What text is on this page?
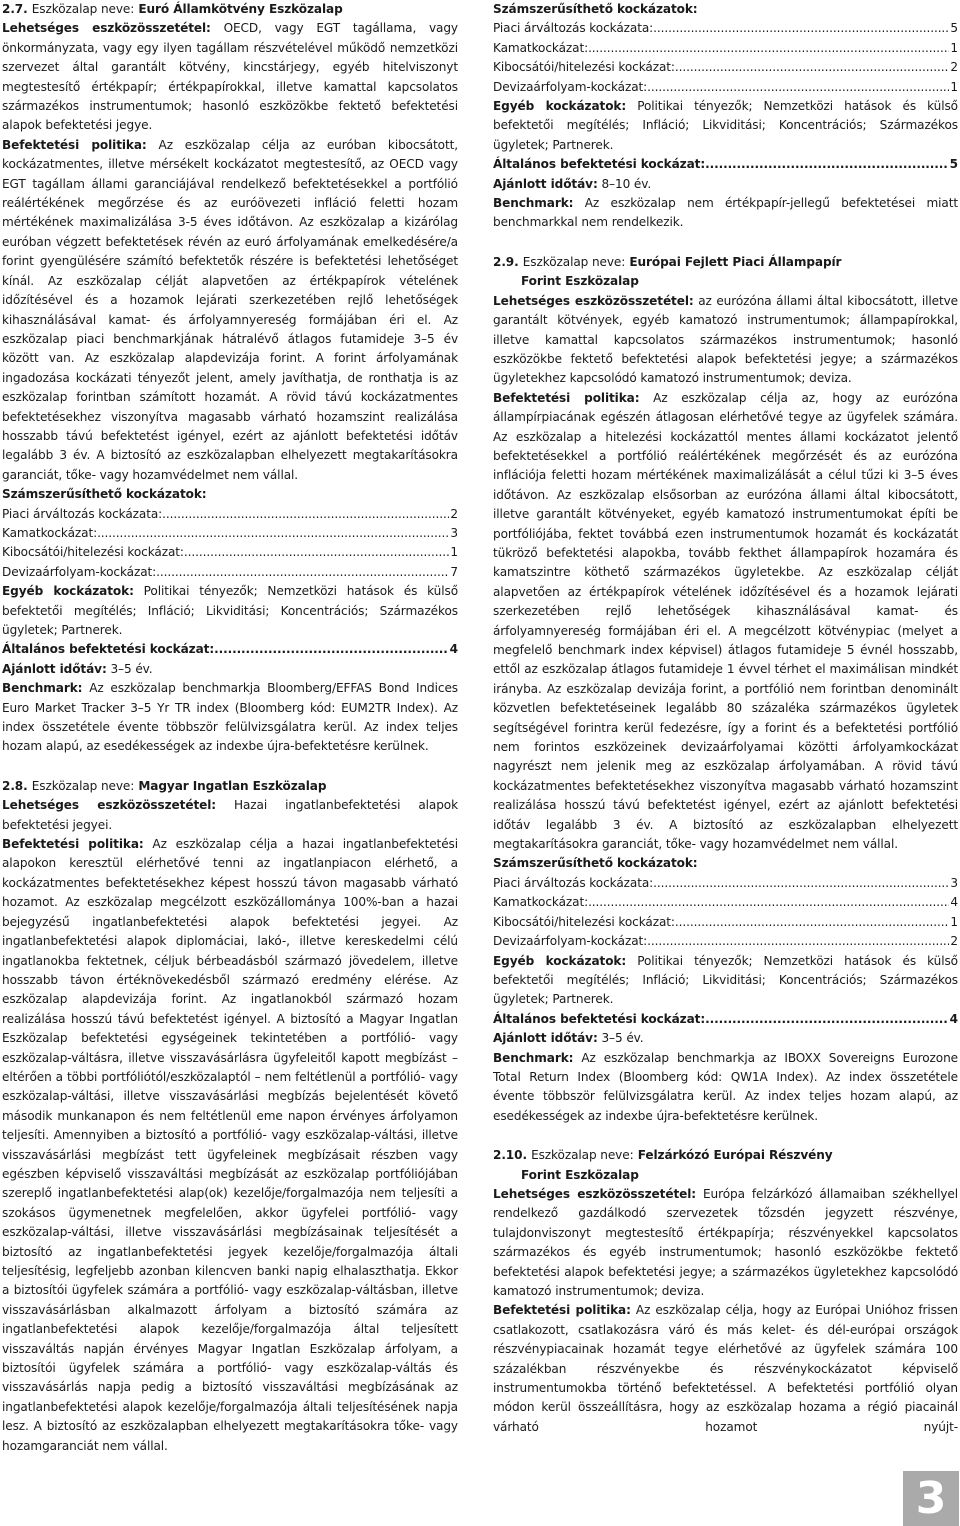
2.7. Eszközalap neve: Euró Államkötvény Eszközalap

Lehetséges eszközösszetétel: OECD, vagy EGT tagállama, vagy önkormányzata, vagy egy ilyen tagállam részvételével működő nemzetközi szervezet által garantált kötvény, kincstárjegy, egyéb hitelviszonyt megtestesítő értékpapír; értékpapírokkal, illetve kamattal kapcsolatos származékos instrumentumok; hasonló eszközökbe fektető befektetési alapok befektetési jegye.

Befektetési politika: Az eszközalap célja az euróban kibocsátott, kockázatmentes, illetve mérsékelt kockázatot megtestesítő, az OECD vagy EGT tagállam állami garanciájával rendelkező befektetésekkel a portfólió reálértékének megőrzése és az euróövezeti infláció feletti hozam mértékének maximalizálása 3-5 éves időtávon. Az eszközalap a kizárólag euróban végzett befektetések révén az euró árfolyamának emelkedésére/a forint gyengülésére számító befektetők részére is befektetési lehetőséget kínál. Az eszközalap célját alapvetően az értékpapírok vételének időzítésével és a hozamok lejárati szerkezetében rejlő lehetőségek kihasználásával kamat- és árfolyamnyereség formájában éri el. Az eszközalap piaci benchmarkjának hátralévő átlagos futamideje 3–5 év között van. Az eszközalap alapdevizája forint. A forint árfolyamának ingadozása kockázati tényezőt jelent, amely javíthatja, de ronthatja is az eszközalap forintban számított hozamát. A rövid távú kockázatmentes befektetésekhez viszonyítva magasabb várható hozamszint realizálása hosszabb távú befektetést igényel, ezért az ajánlott befektetési időtáv legalább 3 év. A biztosító az eszközalapban elhelyezett megtakarításokra garanciát, tőke- vagy hozamvédelmet nem vállal.

Számszerűsíthető kockázatok:

Piaci árváltozás kockázata: .....	2
Kamatkockázat: .....	3
Kibocsátói/hitelezési kockázat: .....	1
Devizaárfolyam-kockázat: .....	7

Egyéb kockázatok: Politikai tényezők; Nemzetközi hatások és külső befektetői megítélés; Infláció; Likviditási; Koncentrációs; Származékos ügyletek; Partnerek.

Általános befektetési kockázat: .....	4

Ajánlott időtáv: 3–5 év.

Benchmark: Az eszközalap benchmarkja Bloomberg/EFFAS Bond Indices Euro Market Tracker 3–5 Yr TR index (Bloomberg kód: EUM2TR Index). Az index összetétele évente többször felülvizsgálatra kerül. Az index teljes hozam alapú, az esedékességek az indexbe újra-befektetésre kerülnek.

2.8. Eszközalap neve: Magyar Ingatlan Eszközalap

Lehetséges eszközösszetétel: Hazai ingatlanbefektetési alapok befektetési jegyei.

Befektetési politika: Az eszközalap célja a hazai ingatlanbefektetési alapokon keresztül elérhetővé tenni az ingatlanpiacon elérhető, a kockázatmentes befektetésekhez képest hosszú távon magasabb várható hozamot. Az eszközalap megcélzott eszközállománya 100%-ban a hazai bejegyzésű ingatlanbefektetési alapok befektetési jegyei. Az ingatlanbefektetési alapok diplomáciai, lakó-, illetve kereskedelmi célú ingatlanokba fektetnek, céljuk bérbeadásból származó jövedelem, illetve hosszabb távon értéknövekedésből származó eredmény elérése. Az eszközalap alapdevizája forint. Az ingatlanokból származó hozam realizálása hosszú távú befektetést igényel. A biztosító a Magyar Ingatlan Eszközalap befektetési egységeinek tekintetében a portfólió- vagy eszközalap-váltásra, illetve visszavásárlásra ügyfeleitől kapott megbízást – eltérően a többi portfóliótól/eszközalaptól – nem feltétlenül a portfólió- vagy eszközalap-váltási, illetve visszavásárlási megbízás bejelentését követő második munkanapon és nem feltétlenül eme napon érvényes árfolyamon teljesíti. Amennyiben a biztosító a portfólió- vagy eszközalap-váltási, illetve visszavásárlási megbízást tett ügyfeleinek megbízásait részben vagy egészben képviselő visszaváltási megbízását az eszközalap portfóliójában szereplő ingatlanbefektetési alap(ok) kezelője/forgalmazója nem teljesíti a szokásos ügymenetnek megfelelően, akkor ügyfelei portfólió- vagy eszközalap-váltási, illetve visszavásárlási megbízásainak teljesítését a biztosító az ingatlanbefektetési jegyek kezelője/forgalmazója általi teljesítésig, legfeljebb azonban kilencven banki napig elhalaszthatja. Ekkor a biztosítói ügyfelek számára a portfólió- vagy eszközalap-váltásban, illetve visszavásárlásban alkalmazott árfolyam a biztosító számára az ingatlanbefektetési alapok kezelője/forgalmazója által teljesített visszaváltás napján érvényes Magyar Ingatlan Eszközalap árfolyam, a biztosítói ügyfelek számára a portfólió- vagy eszközalap-váltás és visszavásárlás napja pedig a biztosító visszaváltási megbízásának az ingatlanbefektetési alapok kezelője/forgalmazója általi teljesítésének napja lesz. A biztosító az eszközalapban elhelyezett megtakarításokra tőke- vagy hozamgaranciát nem vállal.

Számszerűsíthető kockázatok:

Piaci árváltozás kockázata: .....	5
Kamatkockázat: .....	1
Kibocsátói/hitelezési kockázat: .....	2
Devizaárfolyam-kockázat: .....	1

Egyéb kockázatok: Politikai tényezők; Nemzetközi hatások és külső befektetői megítélés; Infláció; Likviditási; Koncentrációs; Származékos ügyletek; Partnerek.

Általános befektetési kockázat: .....	5

Ajánlott időtáv: 8–10 év.

Benchmark: Az eszközalap nem értékpapír-jellegű befektetései miatt benchmarkkal nem rendelkezik.

2.9. Eszközalap neve: Európai Fejlett Piaci Állampapír
Forint Eszközalap

Lehetséges eszközösszetétel: az eurózóna állami által kibocsátott, illetve garantált kötvények, egyéb kamatozó instrumentumok; állampapírokkal, illetve kamattal kapcsolatos származékos instrumentumok; hasonló eszközökbe fektető befektetési alapok befektetési jegye; a származékos ügyletekhez kapcsolódó kamatozó instrumentumok; deviza.

Befektetési politika: Az eszközalap célja az, hogy az eurózóna állampírpiacának egészén átlagosan elérhetővé tegye az ügyfelek számára. Az eszközalap a hitelezési kockázattól mentes állami kockázatot jelentő befektetésekkel a portfólió reálértékének megőrzését és az eurózóna inflációja feletti hozam mértékének maximalizálását a célul tűzi ki 3–5 éves időtávon. Az eszközalap elsősorban az eurózóna állami által kibocsátott, illetve garantált kötvényeket, egyéb kamatozó instrumentumokat építi be portfóliójába, fektet továbbá ezen instrumentumok hozamát és kockázatát tükröző befektetési alapokba, tovább fekthet állampapírok hozamára és kamatszintre köthető származékos ügyletekbe. Az eszközalap célját alapvetően az értékpapírok vételének időzítésével és a hozamok lejárati szerkezetében rejlő lehetőségek kihasználásával kamat- és árfolyamnyereség formájában éri el. A megcélzott kötvénypiac (melyet a megfelelő benchmark index képvisel) átlagos futamideje 5 évnél hosszabb, ettől az eszközalap átlagos futamideje 1 évvel térhet el maximálisan mindkét irányba. Az eszközalap devizája forint, a portfólió nem forintban denominált közvetlen befektetéseinek legalább 80 százaléka származékos ügyletek segítségével forintra kerül fedezésre, így a forint és a befektetési portfólió nem forintos eszközeinek devizaárfolyamai közötti árfolyamkockázat nagyrészt nem jelenik meg az eszközalap árfolyamában. A rövid távú kockázatmentes befektetésekhez viszonyítva magasabb várható hozamszint realizálása hosszú távú befektetést igényel, ezért az ajánlott befektetési időtáv legalább 3 év. A biztosító az eszközalapban elhelyezett megtakarításokra garanciát, tőke- vagy hozamvédelmet nem vállal.

Számszerűsíthető kockázatok:

Piaci árváltozás kockázata: .....	3
Kamatkockázat: .....	4
Kibocsátói/hitelezési kockázat: .....	1
Devizaárfolyam-kockázat: .....	2

Egyéb kockázatok: Politikai tényezők; Nemzetközi hatások és külső befektetői megítélés; Infláció; Likviditási; Koncentrációs; Származékos ügyletek; Partnerek.

Általános befektetési kockázat: .....	4

Ajánlott időtáv: 3–5 év.

Benchmark: Az eszközalap benchmarkja az IBOXX Sovereigns Eurozone Total Return Index (Bloomberg kód: QW1A Index). Az index összetétele évente többször felülvizsgálatra kerül. Az index teljes hozam alapú, az esedékességek az indexbe újra-befektetésre kerülnek.

2.10. Eszközalap neve: Felzárkózó Európai Részvény
Forint Eszközalap

Lehetséges eszközösszetétel: Európa felzárkózó államaiban székhellyel rendelkező gazdálkodó szervezetek tőzsdén jegyzett részvénye, tulajdonviszonyt megtestesítő értékpapírja; részvényekkel kapcsolatos származékos és egyéb instrumentumok; hasonló eszközökbe fektető befektetési alapok befektetési jegye; a származékos ügyletekhez kapcsolódó kamatozó instrumentumok; deviza.

Befektetési politika: Az eszközalap célja, hogy az Európai Unióhoz frissen csatlakozott, csatlakozásra váró és más kelet- és dél-európai országok részvénypiacainak hozamát tegye elérhetővé az ügyfelek számára 100 százalékban részvényekbe és részvénykockázatot képviselő instrumentumokba történő befektetéssel. A befektetési portfólió olyan módon kerül összeállításra, hogy az eszközalap hozama a régió piacainál várható hozamot nyújt-

3
